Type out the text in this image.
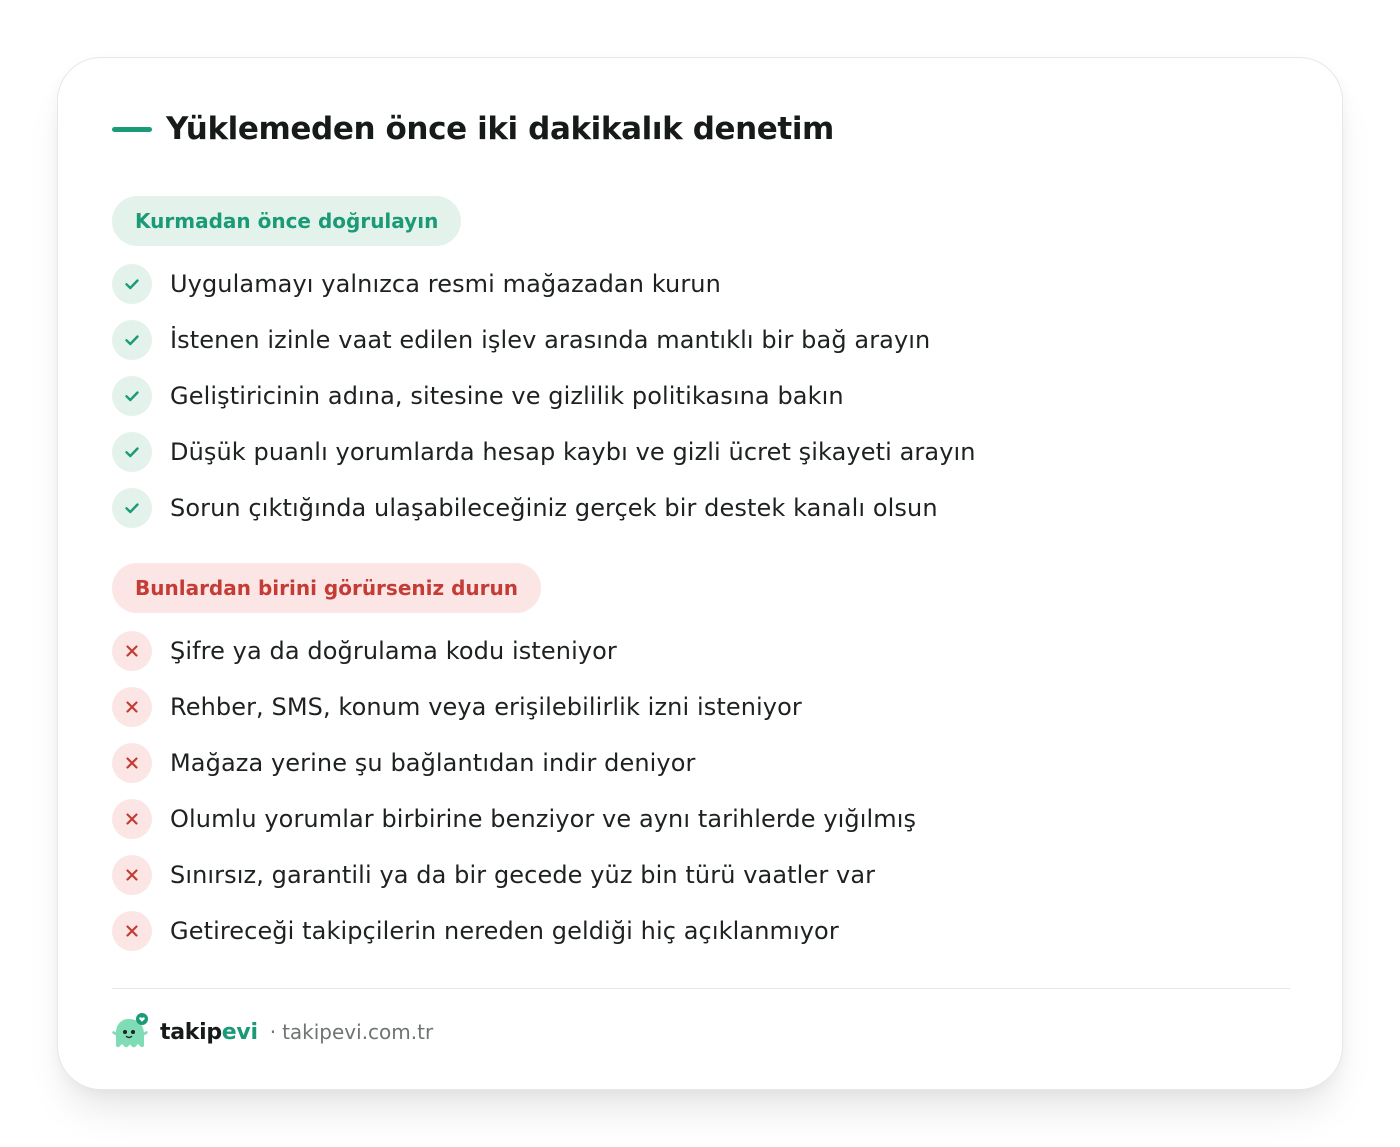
Yüklemeden önce iki dakikalık denetim
Kurmadan önce doğrulayın
Uygulamayı yalnızca resmi mağazadan kurun
İstenen izinle vaat edilen işlev arasında mantıklı bir bağ arayın
Geliştiricinin adına, sitesine ve gizlilik politikasına bakın
Düşük puanlı yorumlarda hesap kaybı ve gizli ücret şikayeti arayın
Sorun çıktığında ulaşabileceğiniz gerçek bir destek kanalı olsun
Bunlardan birini görürseniz durun
Şifre ya da doğrulama kodu isteniyor
Rehber, SMS, konum veya erişilebilirlik izni isteniyor
Mağaza yerine şu bağlantıdan indir deniyor
Olumlu yorumlar birbirine benziyor ve aynı tarihlerde yığılmış
Sınırsız, garantili ya da bir gecede yüz bin türü vaatler var
Getireceği takipçilerin nereden geldiği hiç açıklanmıyor
takipevi · takipevi.com.tr
